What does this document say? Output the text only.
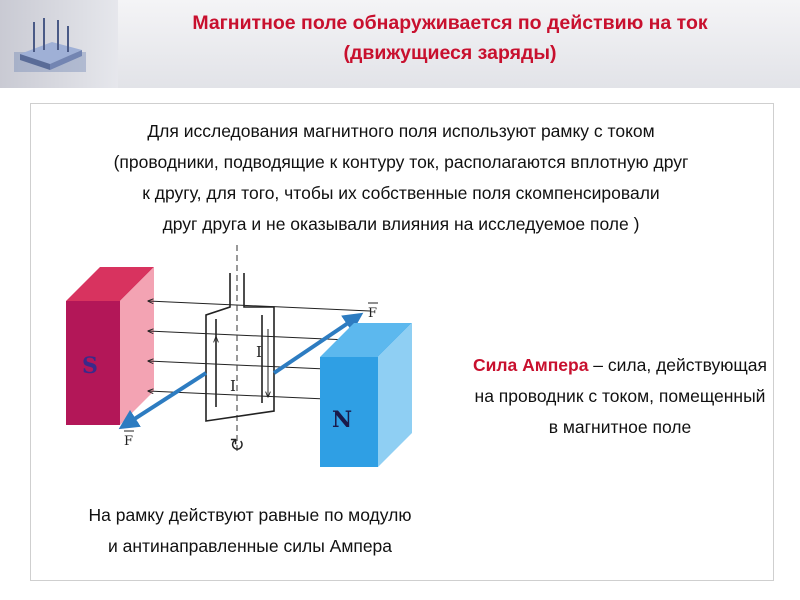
Магнитное поле обнаруживается по действию на ток
(движущиеся заряды)
Для исследования магнитного поля используют рамку с током
(проводники, подводящие к контуру ток, располагаются вплотную друг
к другу, для того, чтобы их собственные поля скомпенсировали
друг друга и не оказывали влияния на исследуемое поле )
S
I
I
↻
F
F
N
Сила Ампера – сила, действующая на проводник с током, помещенный в магнитное поле
На рамку действуют равные по модулю
и антинаправленные силы Ампера
